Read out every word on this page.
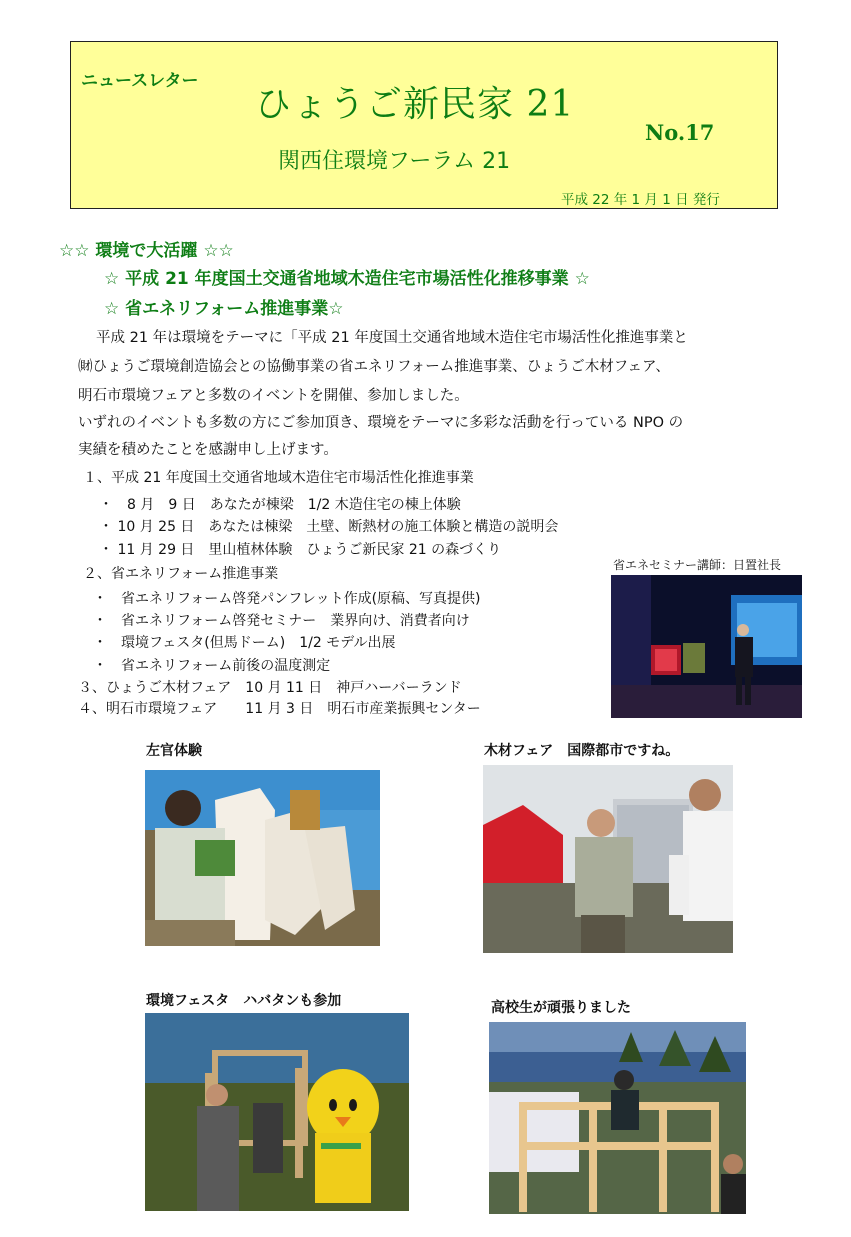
ニュースレター
ひょうご新民家 21
No.17
関西住環境フーラム 21
平成 22 年 1 月 1 日 発行
☆☆ 環境で大活躍 ☆☆
☆ 平成 21 年度国土交通省地域木造住宅市場活性化推移事業 ☆
☆ 省エネリフォーム推進事業☆
平成 21 年は環境をテーマに「平成 21 年度国土交通省地域木造住宅市場活性化推進事業と
㈶ひょうご環境創造協会との協働事業の省エネリフォーム推進事業、ひょうご木材フェア、
明石市環境フェアと多数のイベントを開催、参加しました。
いずれのイベントも多数の方にご参加頂き、環境をテーマに多彩な活動を行っている NPO の
実績を積めたことを感謝申し上げます。
１、平成 21 年度国土交通省地域木造住宅市場活性化推進事業
・　8 月　9 日　あなたが棟梁　1/2 木造住宅の棟上体験
・ 10 月 25 日　あなたは棟梁　土壁、断熱材の施工体験と構造の説明会
・ 11 月 29 日　里山植林体験　ひょうご新民家 21 の森づくり
２、省エネリフォーム推進事業
・　省エネリフォーム啓発パンフレット作成(原稿、写真提供)
・　省エネリフォーム啓発セミナー　業界向け、消費者向け
・　環境フェスタ(但馬ドーム)　1/2 モデル出展
・　省エネリフォーム前後の温度測定
３、ひょうご木材フェア　10 月 11 日　神戸ハーバーランド
４、明石市環境フェア　　11 月 3 日　明石市産業振興センター
省エネセミナー講師：日置社長
左官体験	木材フェア　国際都市ですね。
環境フェスタ　ハバタンも参加	高校生が頑張りました
